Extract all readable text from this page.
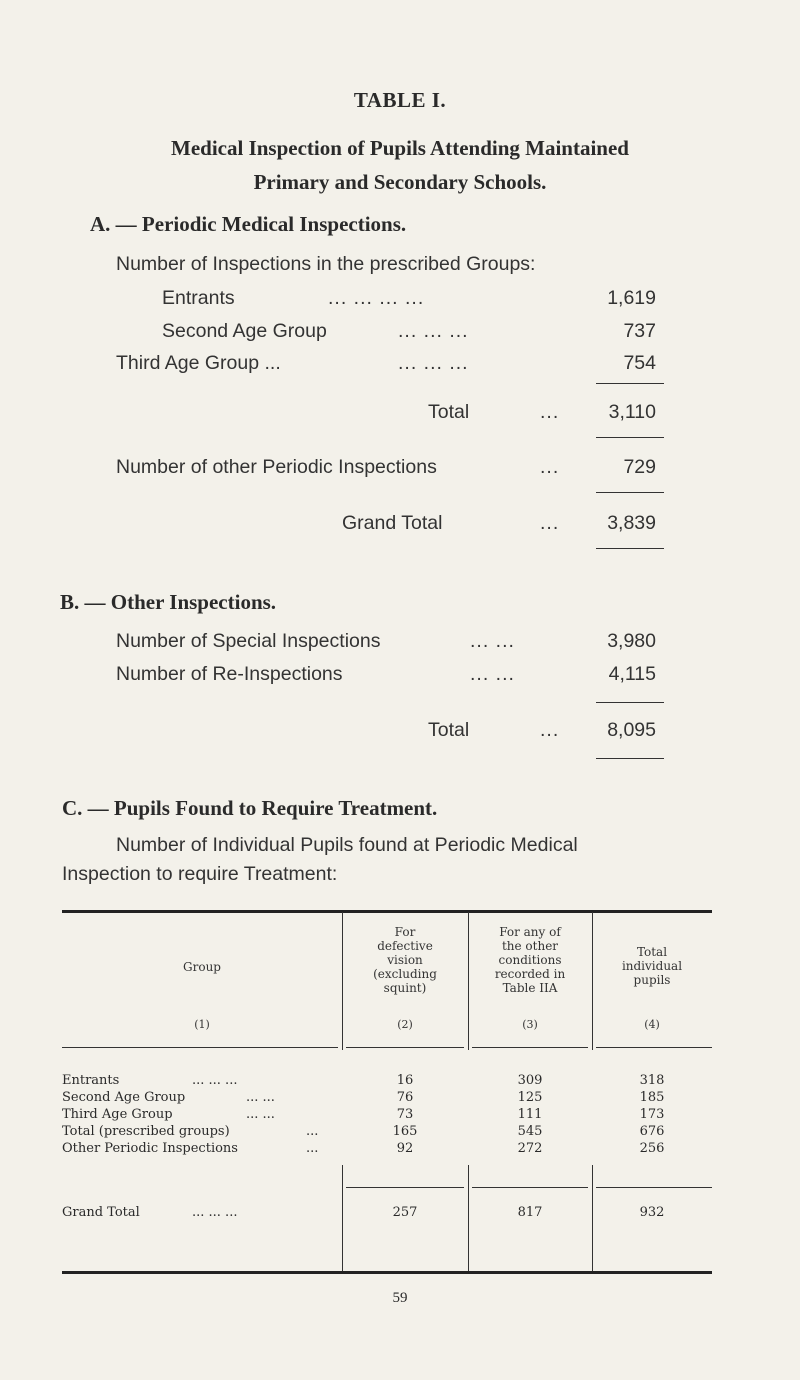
TABLE I.
Medical Inspection of Pupils Attending Maintained
Primary and Secondary Schools.
A. — Periodic Medical Inspections.
Number of Inspections in the prescribed Groups:
Entrants	... ... ... ...	1,619
Second Age Group	... ... ...	737
Third Age Group ...	... ... ...	754
Total	...	3,110
Number of other Periodic Inspections	...	729
Grand Total	... 3,839
B. — Other Inspections.
Number of Special Inspections	... ...	3,980
Number of Re-Inspections	... ...	4,115
Total	... 8,095
C. — Pupils Found to Require Treatment.
Number of Individual Pupils found at Periodic Medical
Inspection to require Treatment:
Group
For
defective
vision
(excluding
squint)
For any of
the other
conditions
recorded in
Table IIA
Total
individual
pupils
(1)	(2)	(3)	(4)
Entrants	... ... ...	16	309	318
Second Age Group	... ...	76	125	185
Third Age Group	... ...	73	111	173
Total (prescribed groups)	...	165	545	676
Other Periodic Inspections	...	92	272	256
Grand Total	... ... ...	257	817	932
59
